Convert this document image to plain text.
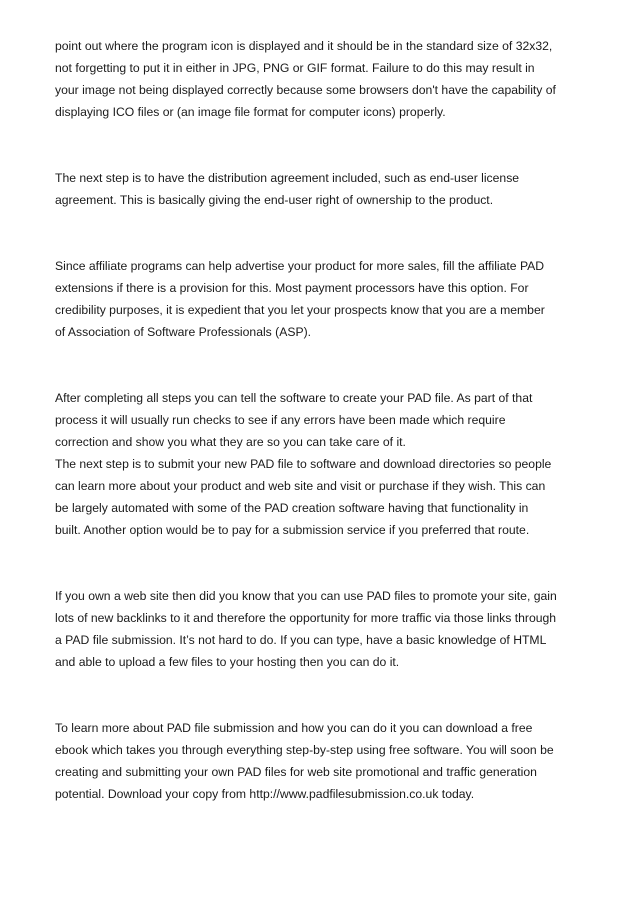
point out where the program icon is displayed and it should be in the standard size of 32x32,
not forgetting to put it in either in JPG, PNG or GIF format. Failure to do this may result in
your image not being displayed correctly because some browsers don't have the capability of
displaying ICO files or (an image file format for computer icons) properly.

The next step is to have the distribution agreement included, such as end-user license
agreement. This is basically giving the end-user right of ownership to the product.

Since affiliate programs can help advertise your product for more sales, fill the affiliate PAD
extensions if there is a provision for this. Most payment processors have this option. For
credibility purposes, it is expedient that you let your prospects know that you are a member
of Association of Software Professionals (ASP).

After completing all steps you can tell the software to create your PAD file. As part of that
process it will usually run checks to see if any errors have been made which require
correction and show you what they are so you can take care of it.
The next step is to submit your new PAD file to software and download directories so people
can learn more about your product and web site and visit or purchase if they wish. This can
be largely automated with some of the PAD creation software having that functionality in
built. Another option would be to pay for a submission service if you preferred that route.

If you own a web site then did you know that you can use PAD files to promote your site, gain
lots of new backlinks to it and therefore the opportunity for more traffic via those links through
a PAD file submission. It’s not hard to do. If you can type, have a basic knowledge of HTML
and able to upload a few files to your hosting then you can do it.

To learn more about PAD file submission and how you can do it you can download a free
ebook which takes you through everything step-by-step using free software. You will soon be
creating and submitting your own PAD files for web site promotional and traffic generation
potential. Download your copy from http://www.padfilesubmission.co.uk today.
